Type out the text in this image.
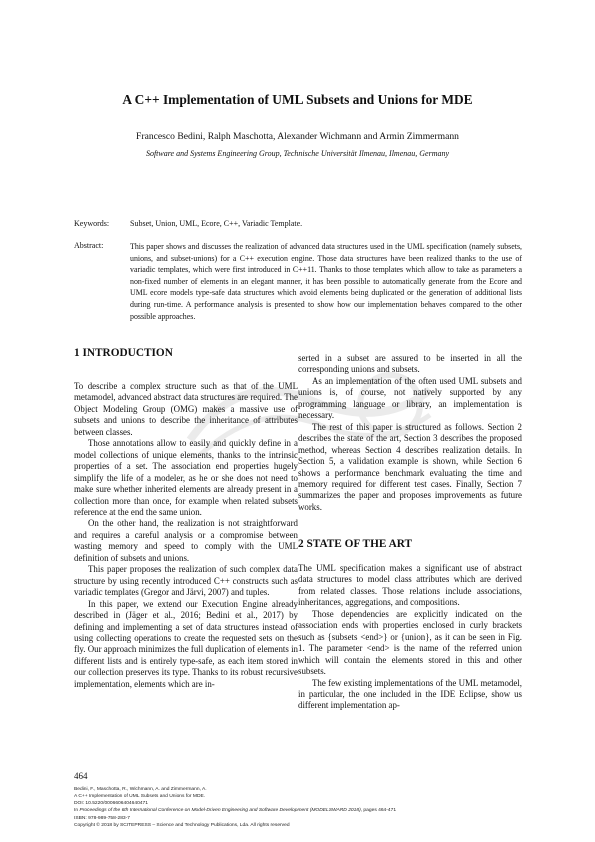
A C++ Implementation of UML Subsets and Unions for MDE
Francesco Bedini, Ralph Maschotta, Alexander Wichmann and Armin Zimmermann
Software and Systems Engineering Group, Technische Universität Ilmenau, Ilmenau, Germany
Keywords:	Subset, Union, UML, Ecore, C++, Variadic Template.
Abstract:	This paper shows and discusses the realization of advanced data structures used in the UML specification (namely subsets, unions, and subset-unions) for a C++ execution engine. Those data structures have been realized thanks to the use of variadic templates, which were first introduced in C++11. Thanks to those templates which allow to take as parameters a non-fixed number of elements in an elegant manner, it has been possible to automatically generate from the Ecore and UML ecore models type-safe data structures which avoid elements being duplicated or the generation of additional lists during run-time. A performance analysis is presented to show how our implementation behaves compared to the other possible approaches.
1 INTRODUCTION

To describe a complex structure such as that of the UML metamodel, advanced abstract data structures are required. The Object Modeling Group (OMG) makes a massive use of subsets and unions to describe the inheritance of attributes between classes.

Those annotations allow to easily and quickly define in a model collections of unique elements, thanks to the intrinsic properties of a set. The association end properties hugely simplify the life of a modeler, as he or she does not need to make sure whether inherited elements are already present in a collection more than once, for example when related subsets reference at the end the same union.

On the other hand, the realization is not straightforward and requires a careful analysis or a compromise between wasting memory and speed to comply with the UML definition of subsets and unions.

This paper proposes the realization of such complex data structure by using recently introduced C++ constructs such as variadic templates (Gregor and Järvi, 2007) and tuples.

In this paper, we extend our Execution Engine already described in (Jäger et al., 2016; Bedini et al., 2017) by defining and implementing a set of data structures instead of using collecting operations to create the requested sets on the fly. Our approach minimizes the full duplication of elements in different lists and is entirely type-safe, as each item stored in our collection preserves its type. Thanks to its robust recursive implementation, elements which are in-

serted in a subset are assured to be inserted in all the corresponding unions and subsets.

As an implementation of the often used UML subsets and unions is, of course, not natively supported by any programming language or library, an implementation is necessary.

The rest of this paper is structured as follows. Section 2 describes the state of the art, Section 3 describes the proposed method, whereas Section 4 describes realization details. In Section 5, a validation example is shown, while Section 6 shows a performance benchmark evaluating the time and memory required for different test cases. Finally, Section 7 summarizes the paper and proposes improvements as future works.

2 STATE OF THE ART

The UML specification makes a significant use of abstract data structures to model class attributes which are derived from related classes. Those relations include associations, inheritances, aggregations, and compositions.

Those dependencies are explicitly indicated on the association ends with properties enclosed in curly brackets such as {subsets <end>} or {union}, as it can be seen in Fig. 1. The parameter <end> is the name of the referred union which will contain the elements stored in this and other subsets.

The few existing implementations of the UML metamodel, in particular, the one included in the IDE Eclipse, show us different implementation ap-

464
Bedini, F., Maschotta, R., Wichmann, A. and Zimmermann, A.
A C++ Implementation of UML Subsets and Unions for MDE.
DOI: 10.5220/0006606404640471
In Proceedings of the 6th International Conference on Model-Driven Engineering and Software Development (MODELSWARD 2018), pages 464-471
ISBN: 978-989-758-283-7
Copyright © 2018 by SCITEPRESS – Science and Technology Publications, Lda. All rights reserved
